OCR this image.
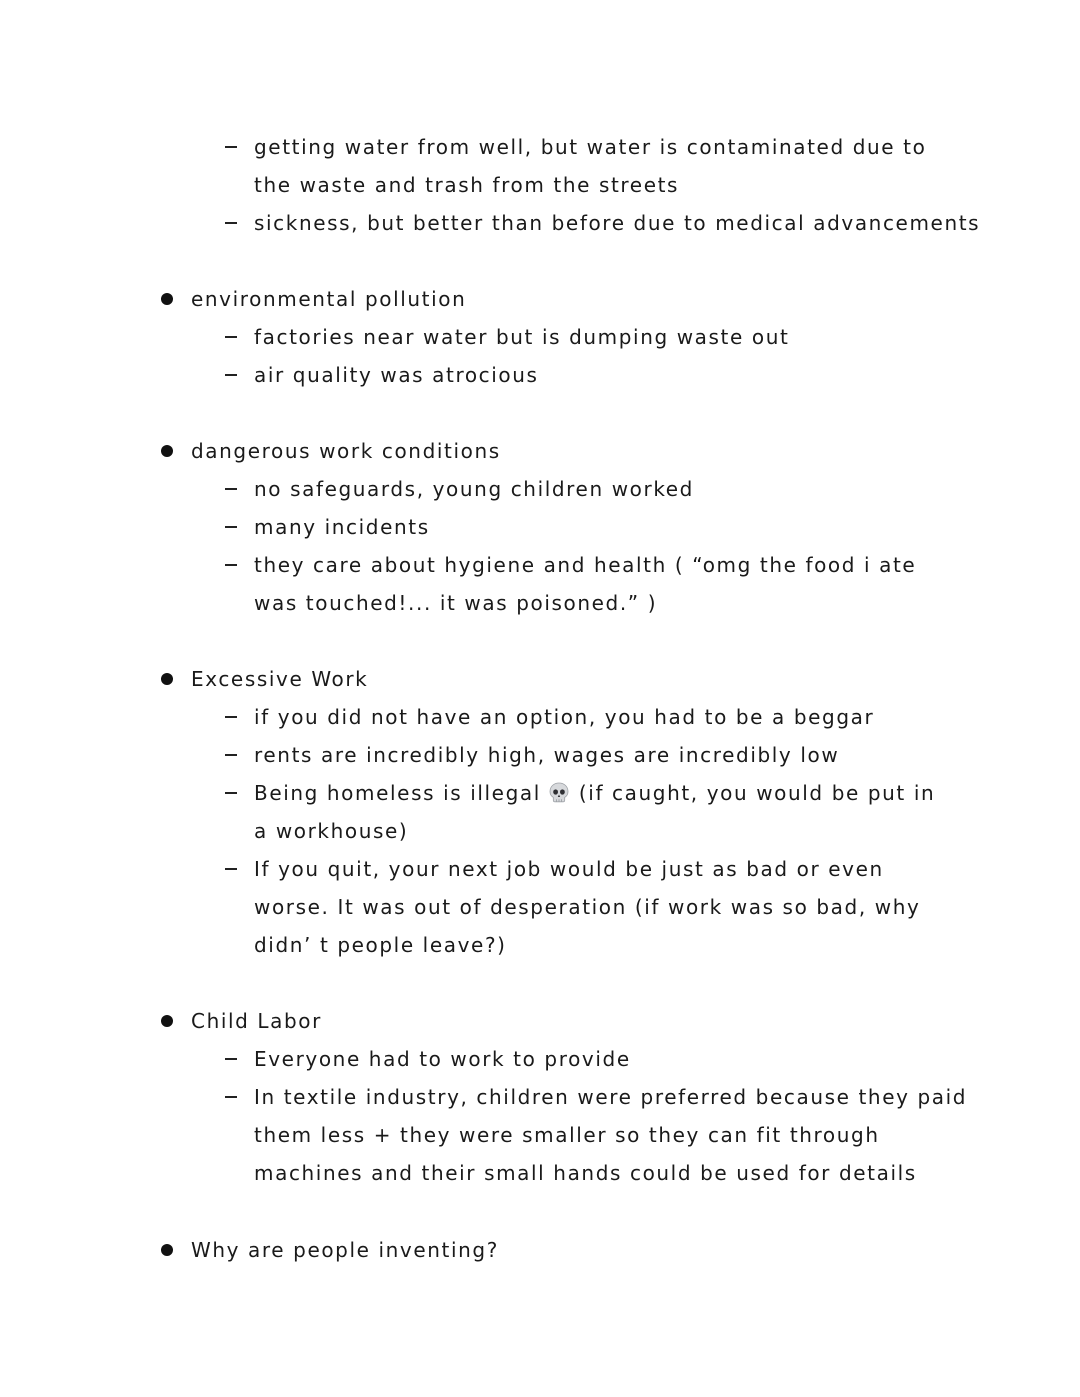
getting water from well, but water is contaminated due to
the waste and trash from the streets
sickness, but better than before due to medical advancements
environmental pollution
factories near water but is dumping waste out
air quality was atrocious
dangerous work conditions
no safeguards, young children worked
many incidents
they care about hygiene and health ( “omg the food i ate
was touched!... it was poisoned.” )
Excessive Work
if you did not have an option, you had to be a beggar
rents are incredibly high, wages are incredibly low
Being homeless is illegal (if caught, you would be put in
a workhouse)
If you quit, your next job would be just as bad or even
worse. It was out of desperation (if work was so bad, why
didn’ t people leave?)
Child Labor
Everyone had to work to provide
In textile industry, children were preferred because they paid
them less + they were smaller so they can fit through
machines and their small hands could be used for details
Why are people inventing?
